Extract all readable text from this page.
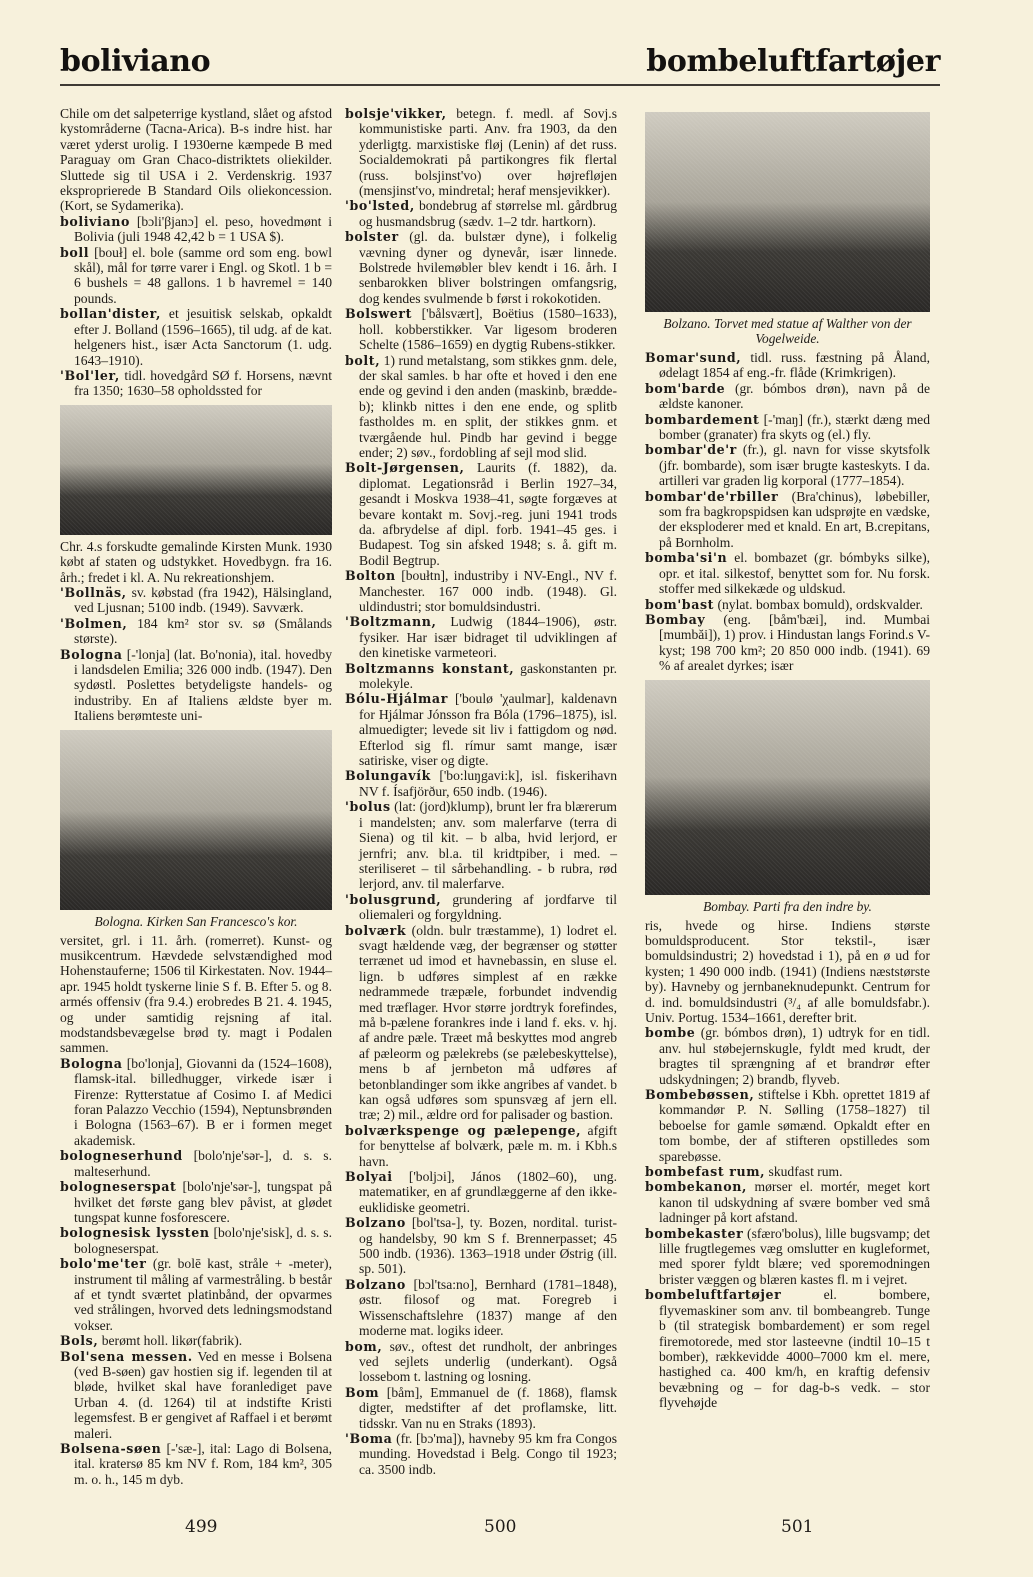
boliviano	bombeluftfartøjer

Chile om det salpeterrige kystland, slået og afstod kystområderne (Tacna-Arica). B-s indre hist. har været yderst urolig. I 1930erne kæmpede B med Paraguay om Gran Chaco-distriktets oliekilder. Sluttede sig til USA i 2. Verdenskrig. 1937 eksproprierede B Standard Oils oliekoncession. (Kort, se Sydamerika).

boliviano [bɔli'βjanɔ] el. peso, hovedmønt i Bolivia (juli 1948 42,42 b = 1 USA $).

boll [bouł] el. bole (samme ord som eng. bowl skål), mål for tørre varer i Engl. og Skotl. 1 b = 6 bushels = 48 gallons. 1 b havremel = 140 pounds.

bollan'dister, et jesuitisk selskab, opkaldt efter J. Bolland (1596–1665), til udg. af de kat. helgeners hist., især Acta Sanctorum (1. udg. 1643–1910).

'Bol'ler, tidl. hovedgård SØ f. Horsens, nævnt fra 1350; 1630–58 opholdssted for

Chr. 4.s forskudte gemalinde Kirsten Munk. 1930 købt af staten og udstykket. Hovedbygn. fra 16. årh.; fredet i kl. A. Nu rekreationshjem.

'Bollnäs, sv. købstad (fra 1942), Hälsingland, ved Ljusnan; 5100 indb. (1949). Savværk.

'Bolmen, 184 km² stor sv. sø (Smålands største).

Bologna [-'lonja] (lat. Bo'nonia), ital. hovedby i landsdelen Emilia; 326 000 indb. (1947). Den sydøstl. Poslettes betydeligste handels- og industriby. En af Italiens ældste byer m. Italiens berømteste uni-

Bologna. Kirken San Francesco's kor.

versitet, grl. i 11. årh. (romerret). Kunst- og musikcentrum. Hævdede selvstændighed mod Hohenstauferne; 1506 til Kirkestaten. Nov. 1944–apr. 1945 holdt tyskerne linie S f. B. Efter 5. og 8. armés offensiv (fra 9.4.) erobredes B 21. 4. 1945, og under samtidig rejsning af ital. modstandsbevægelse brød ty. magt i Podalen sammen.

Bologna [bo'lonja], Giovanni da (1524–1608), flamsk-ital. billedhugger, virkede især i Firenze: Rytterstatue af Cosimo I. af Medici foran Palazzo Vecchio (1594), Neptunsbrønden i Bologna (1563–67). B er i formen meget akademisk.

bologneserhund [bolo'nje'sər-], d. s. s. malteserhund.

bologneserspat [bolo'nje'sər-], tungspat på hvilket det første gang blev påvist, at glødet tungspat kunne fosforescere.

bolognesisk lyssten [bolo'nje'sisk], d. s. s. bologneserspat.

bolo'me'ter (gr. bolē kast, stråle + -meter), instrument til måling af varmestråling. b består af et tyndt sværtet platinbånd, der opvarmes ved strålingen, hvorved dets ledningsmodstand vokser.

Bols, berømt holl. likør(fabrik).

Bol'sena messen. Ved en messe i Bolsena (ved B-søen) gav hostien sig if. legenden til at bløde, hvilket skal have foranlediget pave Urban 4. (d. 1264) til at indstifte Kristi legemsfest. B er gengivet af Raffael i et berømt maleri.

Bolsena-søen [-'sæ-], ital: Lago di Bolsena, ital. kratersø 85 km NV f. Rom, 184 km², 305 m. o. h., 145 m dyb.

bolsje'vikker, betegn. f. medl. af Sovj.s kommunistiske parti. Anv. fra 1903, da den yderligtg. marxistiske fløj (Lenin) af det russ. Socialdemokrati på partikongres fik flertal (russ. bolsjinst'vo) over højrefløjen (mensjinst'vo, mindretal; heraf mensjevikker).

'bo'lsted, bondebrug af størrelse ml. gårdbrug og husmandsbrug (sædv. 1–2 tdr. hartkorn).

bolster (gl. da. bulstær dyne), i folkelig vævning dyner og dynevår, især linnede. Bolstrede hvilemøbler blev kendt i 16. årh. I senbarokken bliver bolstringen omfangsrig, dog kendes svulmende b først i rokokotiden.

Bolswert ['bålsvært], Boëtius (1580–1633), holl. kobberstikker. Var ligesom broderen Schelte (1586–1659) en dygtig Rubens-stikker.

bolt, 1) rund metalstang, som stikkes gnm. dele, der skal samles. b har ofte et hoved i den ene ende og gevind i den anden (maskinb, bræddeb); klinkb nittes i den ene ende, og splitb fastholdes m. en split, der stikkes gnm. et tværgående hul. Pindb har gevind i begge ender; 2) søv., fordobling af sejl mod slid.

Bolt-Jørgensen, Laurits (f. 1882), da. diplomat. Legationsråd i Berlin 1927–34, gesandt i Moskva 1938–41, søgte forgæves at bevare kontakt m. Sovj.-reg. juni 1941 trods da. afbrydelse af dipl. forb. 1941–45 ges. i Budapest. Tog sin afsked 1948; s. å. gift m. Bodil Begtrup.

Bolton [boułtn], industriby i NV-Engl., NV f. Manchester. 167 000 indb. (1948). Gl. uldindustri; stor bomuldsindustri.

'Boltzmann, Ludwig (1844–1906), østr. fysiker. Har især bidraget til udviklingen af den kinetiske varmeteori.

Boltzmanns konstant, gaskonstanten pr. molekyle.

Bólu-Hjálmar ['boulø 'χaulmar], kaldenavn for Hjálmar Jónsson fra Bóla (1796–1875), isl. almuedigter; levede sit liv i fattigdom og nød. Efterlod sig fl. rímur samt mange, især satiriske, viser og digte.

Bolungavík ['bo:luŋgavi:k], isl. fiskerihavn NV f. Ísafjörður, 650 indb. (1946).

'bolus (lat: (jord)klump), brunt ler fra blærerum i mandelsten; anv. som malerfarve (terra di Siena) og til kit. – b alba, hvid lerjord, er jernfri; anv. bl.a. til kridtpiber, i med. – steriliseret – til sårbehandling. - b rubra, rød lerjord, anv. til malerfarve.

'bolusgrund, grundering af jordfarve til oliemaleri og forgyldning.

bolværk (oldn. bulr træstamme), 1) lodret el. svagt hældende væg, der begrænser og støtter terrænet ud imod et havnebassin, en sluse el. lign. b udføres simplest af en række nedrammede træpæle, forbundet indvendig med træflager. Hvor større jordtryk forefindes, må b-pælene forankres inde i land f. eks. v. hj. af andre pæle. Træet må beskyttes mod angreb af pæleorm og pælekrebs (se pælebeskyttelse), mens b af jernbeton må udføres af betonblandinger som ikke angribes af vandet. b kan også udføres som spunsvæg af jern ell. træ; 2) mil., ældre ord for palisader og bastion.

bolværkspenge og pælepenge, afgift for benyttelse af bolværk, pæle m. m. i Kbh.s havn.

Bolyai ['boljɔi], János (1802–60), ung. matematiker, en af grundlæggerne af den ikke-euklidiske geometri.

Bolzano [bol'tsa-], ty. Bozen, nordital. turist- og handelsby, 90 km S f. Brennerpasset; 45 500 indb. (1936). 1363–1918 under Østrig (ill. sp. 501).

Bolzano [bɔl'tsa:no], Bernhard (1781–1848), østr. filosof og mat. Foregreb i Wissenschaftslehre (1837) mange af den moderne mat. logiks ideer.

bom, søv., oftest det rundholt, der anbringes ved sejlets underlig (underkant). Også lossebom t. lastning og losning.

Bom [båm], Emmanuel de (f. 1868), flamsk digter, medstifter af det proflamske, litt. tidsskr. Van nu en Straks (1893).

'Boma (fr. [bɔ'ma]), havneby 95 km fra Congos munding. Hovedstad i Belg. Congo til 1923; ca. 3500 indb.

Bolzano. Torvet med statue af Walther von der Vogelweide.

Bomar'sund, tidl. russ. fæstning på Åland, ødelagt 1854 af eng.-fr. flåde (Krimkrigen).

bom'barde (gr. bómbos drøn), navn på de ældste kanoner.

bombardement [-'maŋ] (fr.), stærkt dæng med bomber (granater) fra skyts og (el.) fly.

bombar'de'r (fr.), gl. navn for visse skytsfolk (jfr. bombarde), som især brugte kasteskyts. I da. artilleri var graden lig korporal (1777–1854).

bombar'de'rbiller (Bra'chinus), løbebiller, som fra bagkropspidsen kan udsprøjte en vædske, der eksploderer med et knald. En art, B.crepitans, på Bornholm.

bomba'si'n el. bombazet (gr. bómbyks silke), opr. et ital. silkestof, benyttet som for. Nu forsk. stoffer med silkekæde og uldskud.

bom'bast (nylat. bombax bomuld), ordskvalder.

Bombay (eng. [båm'bæi], ind. Mumbai [mumbăi]), 1) prov. i Hindustan langs Forind.s V-kyst; 198 700 km²; 20 850 000 indb. (1941). 69 % af arealet dyrkes; især

Bombay. Parti fra den indre by.

ris, hvede og hirse. Indiens største bomuldsproducent. Stor tekstil-, især bomuldsindustri; 2) hovedstad i 1), på en ø ud for kysten; 1 490 000 indb. (1941) (Indiens næststørste by). Havneby og jernbaneknudepunkt. Centrum for d. ind. bomuldsindustri (³/₄ af alle bomuldsfabr.). Univ. Portug. 1534–1661, derefter brit.

bombe (gr. bómbos drøn), 1) udtryk for en tidl. anv. hul støbejernskugle, fyldt med krudt, der bragtes til sprængning af et brandrør efter udskydningen; 2) brandb, flyveb.

Bombebøssen, stiftelse i Kbh. oprettet 1819 af kommandør P. N. Sølling (1758–1827) til beboelse for gamle sømænd. Opkaldt efter en tom bombe, der af stifteren opstilledes som sparebøsse.

bombefast rum, skudfast rum.

bombekanon, mørser el. mortér, meget kort kanon til udskydning af svære bomber ved små ladninger på kort afstand.

bombekaster (sfæro'bolus), lille bugsvamp; det lille frugtlegemes væg omslutter en kugleformet, med sporer fyldt blære; ved sporemodningen brister væggen og blæren kastes fl. m i vejret.

bombeluftfartøjer	el. bombere, flyvemaskiner som anv. til bombeangreb. Tunge b (til strategisk bombardement) er som regel firemotorede, med stor lasteevne (indtil 10–15 t bomber), rækkevidde 4000–7000 km el. mere, hastighed ca. 400 km/h, en kraftig defensiv bevæbning og – for dag-b-s vedk. – stor flyvehøjde

499	500	501
